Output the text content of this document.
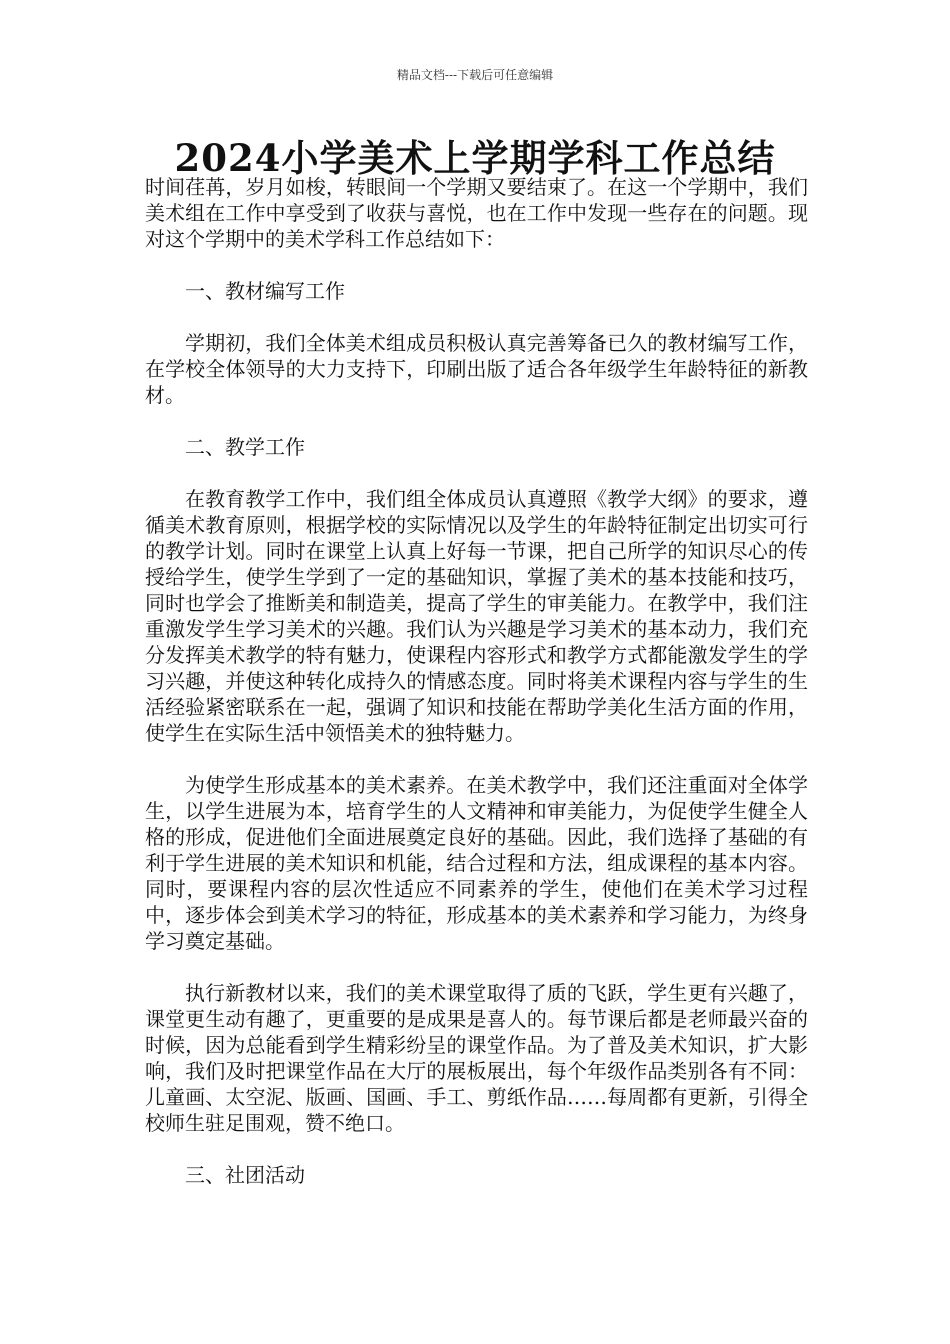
精品文档---下载后可任意编辑
2024小学美术上学期学科工作总结

时间荏苒，岁月如梭，转眼间一个学期又要结束了。在这一个学期中，我们美术组在工作中享受到了收获与喜悦，也在工作中发现一些存在的问题。现对这个学期中的美术学科工作总结如下：

一、教材编写工作

学期初，我们全体美术组成员积极认真完善筹备已久的教材编写工作，在学校全体领导的大力支持下，印刷出版了适合各年级学生年龄特征的新教材。

二、教学工作

在教育教学工作中，我们组全体成员认真遵照《教学大纲》的要求，遵循美术教育原则，根据学校的实际情况以及学生的年龄特征制定出切实可行的教学计划。同时在课堂上认真上好每一节课，把自己所学的知识尽心的传授给学生，使学生学到了一定的基础知识，掌握了美术的基本技能和技巧，同时也学会了推断美和制造美，提高了学生的审美能力。在教学中，我们注重激发学生学习美术的兴趣。我们认为兴趣是学习美术的基本动力，我们充分发挥美术教学的特有魅力，使课程内容形式和教学方式都能激发学生的学习兴趣，并使这种转化成持久的情感态度。同时将美术课程内容与学生的生活经验紧密联系在一起，强调了知识和技能在帮助学美化生活方面的作用，使学生在实际生活中领悟美术的独特魅力。

为使学生形成基本的美术素养。在美术教学中，我们还注重面对全体学生，以学生进展为本，培育学生的人文精神和审美能力，为促使学生健全人格的形成，促进他们全面进展奠定良好的基础。因此，我们选择了基础的有利于学生进展的美术知识和机能，结合过程和方法，组成课程的基本内容。同时，要课程内容的层次性适应不同素养的学生，使他们在美术学习过程中，逐步体会到美术学习的特征，形成基本的美术素养和学习能力，为终身学习奠定基础。

执行新教材以来，我们的美术课堂取得了质的飞跃，学生更有兴趣了，课堂更生动有趣了，更重要的是成果是喜人的。每节课后都是老师最兴奋的时候，因为总能看到学生精彩纷呈的课堂作品。为了普及美术知识，扩大影响，我们及时把课堂作品在大厅的展板展出，每个年级作品类别各有不同：儿童画、太空泥、版画、国画、手工、剪纸作品……每周都有更新，引得全校师生驻足围观，赞不绝口。

三、社团活动
